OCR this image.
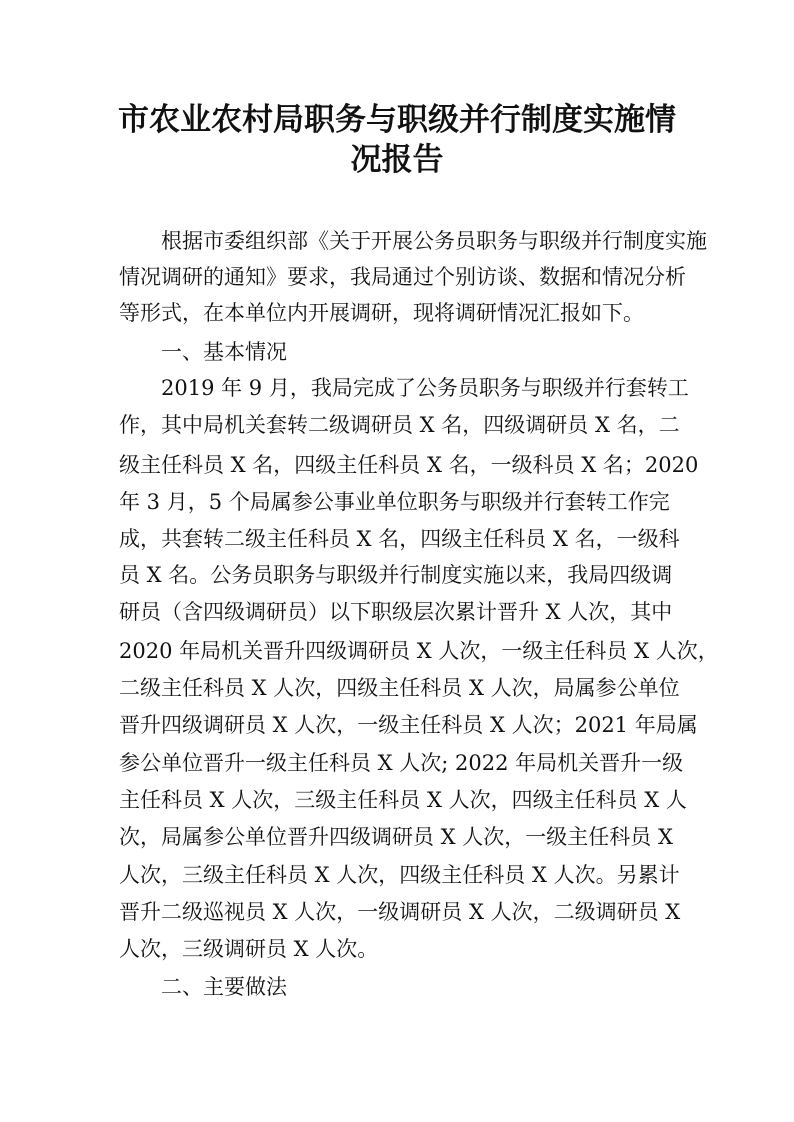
市农业农村局职务与职级并行制度实施情
况报告

根据市委组织部《关于开展公务员职务与职级并行制度实施

情况调研的通知》要求，我局通过个别访谈、数据和情况分析

等形式，在本单位内开展调研，现将调研情况汇报如下。

一、基本情况

2019 年 9 月，我局完成了公务员职务与职级并行套转工

作，其中局机关套转二级调研员 X 名，四级调研员 X 名，二

级主任科员 X 名，四级主任科员 X 名，一级科员 X 名；2020

年 3 月，5 个局属参公事业单位职务与职级并行套转工作完

成，共套转二级主任科员 X 名，四级主任科员 X 名，一级科

员 X 名。公务员职务与职级并行制度实施以来，我局四级调

研员（含四级调研员）以下职级层次累计晋升 X 人次，其中

2020 年局机关晋升四级调研员 X 人次，一级主任科员 X 人次，

二级主任科员 X 人次，四级主任科员 X 人次，局属参公单位

晋升四级调研员 X 人次，一级主任科员 X 人次；2021 年局属

参公单位晋升一级主任科员 X 人次; 2022 年局机关晋升一级

主任科员 X 人次，三级主任科员 X 人次，四级主任科员 X 人

次，局属参公单位晋升四级调研员 X 人次，一级主任科员 X

人次，三级主任科员 X 人次，四级主任科员 X 人次。另累计

晋升二级巡视员 X 人次，一级调研员 X 人次，二级调研员 X

人次，三级调研员 X 人次。

二、主要做法
